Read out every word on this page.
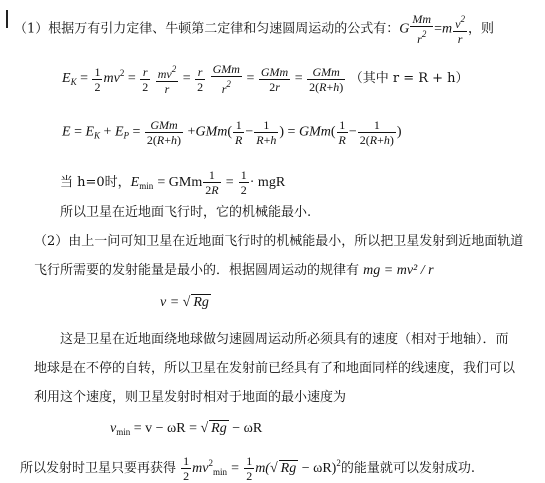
（1）根据万有引力定律、牛顿第二定律和匀速圆周运动的公式有：G $\frac{Mm}{r^2} =m \frac{v^2}{r}$ ，则
$E_K = \frac{1}{2} mv^2 = \frac{r}{2}$
$\frac{mv^2}{r} = \frac{r}{2}$
$\frac{\text{GMm}}{r^2} = \frac{\text{GMm}}{2r} = \frac{\text{GMm}}{2(R+h)}$ （其中 r = R + h）
$E = E_K + E_P = \frac{\text{GMm}}{2(R+h)} +GMm( \frac{1}{R} - \frac{1}{R+h}$ ) = $GMm( \frac{1}{R} - \frac{1}{2(R+h)}$ )
当 h=0时，$E_{min}$ = GMm $\frac{1}{2R} = \frac{1}{2}$ · mgR
所以卫星在近地面飞行时，它的机械能最小.
（2）由上一问可知卫星在近地面飞行时的机械能最小，所以把卫星发射到近地面轨道
飞行所需要的发射能量是最小的．根据圆周运动的规律有 mg = mv² / r
v = √ Rg
这是卫星在近地面绕地球做匀速圆周运动所必须具有的速度（相对于地轴）．而
地球是在不停的自转，所以卫星在发射前已经具有了和地面同样的线速度，我们可以
利用这个速度，则卫星发射时相对于地面的最小速度为
$v_{min} = v - \omega R$ = √ Rg − ωR
所以发射时卫星只要再获得 $\frac{1}{2} mv^2_{min} = \frac{1}{2} m(√$ Rg − ωR)$^2$的能量就可以发射成功.
